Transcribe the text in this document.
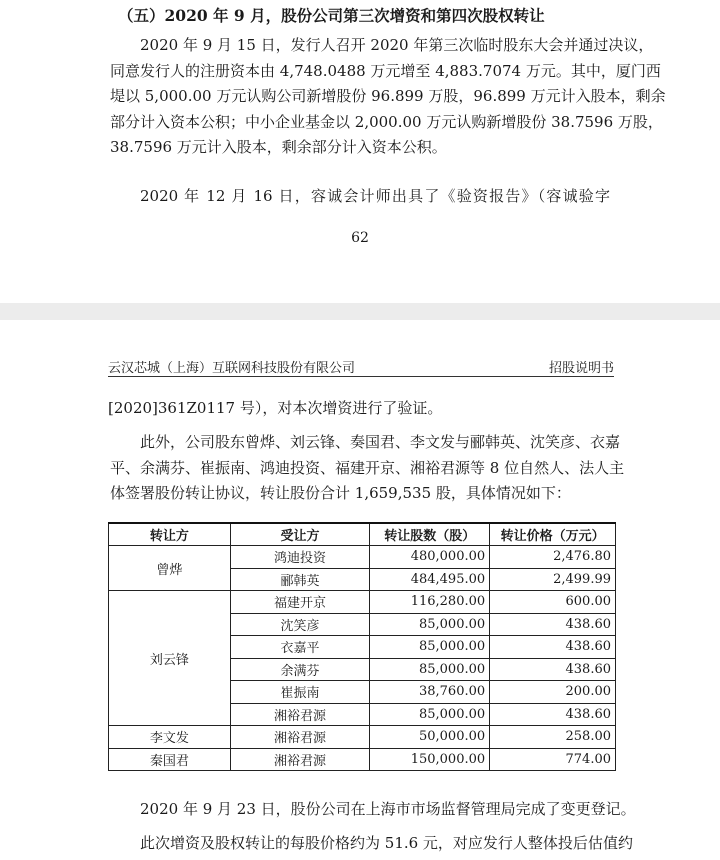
（五）2020 年 9 月，股份公司第三次增资和第四次股权转让
2020 年 9 月 15 日，发行人召开 2020 年第三次临时股东大会并通过决议，
同意发行人的注册资本由 4,748.0488 万元增至 4,883.7074 万元。其中，厦门西
堤以 5,000.00 万元认购公司新增股份 96.899 万股，96.899 万元计入股本，剩余
部分计入资本公积；中小企业基金以 2,000.00 万元认购新增股份 38.7596 万股，
38.7596 万元计入股本，剩余部分计入资本公积。
2020 年 12 月 16 日，容诚会计师出具了《验资报告》（容诚验字
62
云汉芯城（上海）互联网科技股份有限公司	招股说明书
[2020]361Z0117 号），对本次增资进行了验证。
此外，公司股东曾烨、刘云锋、奏国君、李文发与郦韩英、沈笑彦、衣嘉
平、余满芬、崔振南、鸿迪投资、福建开京、湘裕君源等 8 位自然人、法人主
体签署股份转让协议，转让股份合计 1,659,535 股，具体情况如下：
2020 年 9 月 23 日，股份公司在上海市市场监督管理局完成了变更登记。
此次增资及股权转让的每股价格约为 51.6 元，对应发行人整体投后估值约
转让方	受让方	转让股数（股）	转让价格（万元）
曾烨	鸿迪投资	480,000.00	2,476.80
	郦韩英	484,495.00	2,499.99
刘云锋	福建开京	116,280.00	600.00
	沈笑彦	85,000.00	438.60
	衣嘉平	85,000.00	438.60
	余满芬	85,000.00	438.60
	崔振南	38,760.00	200.00
	湘裕君源	85,000.00	438.60
李文发	湘裕君源	50,000.00	258.00
秦国君	湘裕君源	150,000.00	774.00
